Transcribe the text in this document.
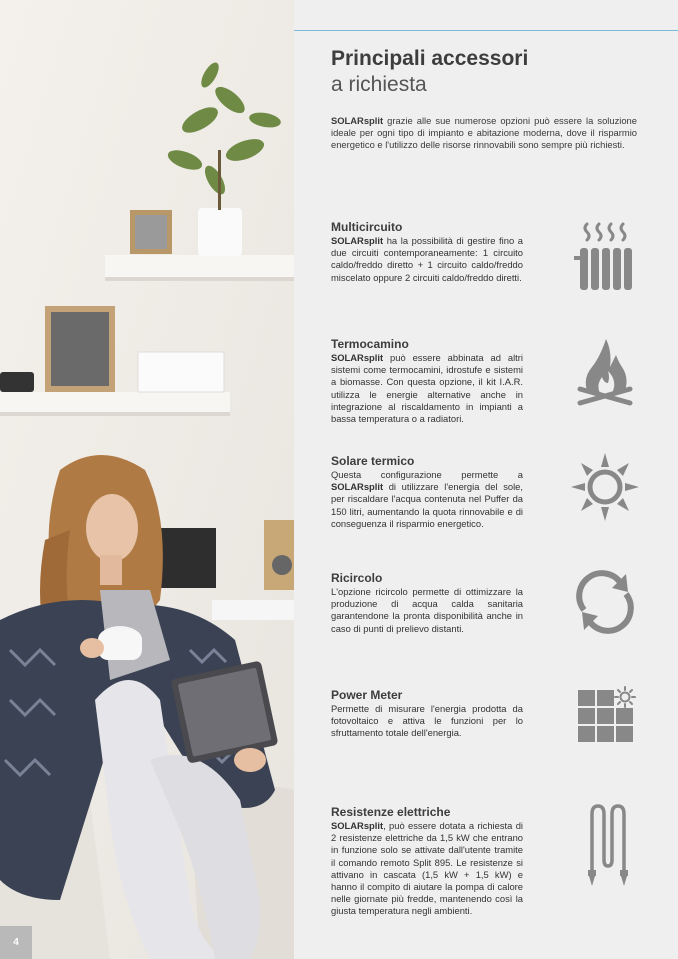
Principali accessori
a richiesta

SOLARsplit grazie alle sue numerose opzioni può essere la soluzione ideale per ogni tipo di impianto e abitazione moderna, dove il risparmio energetico e l'utilizzo delle risorse rinnovabili sono sempre più richiesti.

Multicircuito

SOLARsplit ha la possibilità di gestire fino a due circuiti contemporaneamente: 1 circuito caldo/freddo diretto + 1 circuito caldo/freddo miscelato oppure 2 circuiti caldo/freddo diretti.

Termocamino

SOLARsplit può essere abbinata ad altri sistemi come termocamini, idrostufe e sistemi a biomasse. Con questa opzione, il kit I.A.R. utilizza le energie alternative anche in integrazione al riscaldamento in impianti a bassa temperatura o a radiatori.

Solare termico

Questa configurazione permette a SOLARsplit di utilizzare l'energia del sole, per riscaldare l'acqua contenuta nel Puffer da 150 litri, aumentando la quota rinnovabile e di conseguenza il risparmio energetico.

Ricircolo

L'opzione ricircolo permette di ottimizzare la produzione di acqua calda sanitaria garantendone la pronta disponibilità anche in caso di punti di prelievo distanti.

Power Meter

Permette di misurare l'energia prodotta da fotovoltaico e attiva le funzioni per lo sfruttamento totale dell'energia.

Resistenze elettriche

SOLARsplit, può essere dotata a richiesta di 2 resistenze elettriche da 1,5 kW che entrano in funzione solo se attivate dall'utente tramite il comando remoto Split 895. Le resistenze si attivano in cascata (1,5 kW + 1,5 kW) e hanno il compito di aiutare la pompa di calore nelle giornate più fredde, mantenendo così la giusta temperatura negli ambienti.

4
